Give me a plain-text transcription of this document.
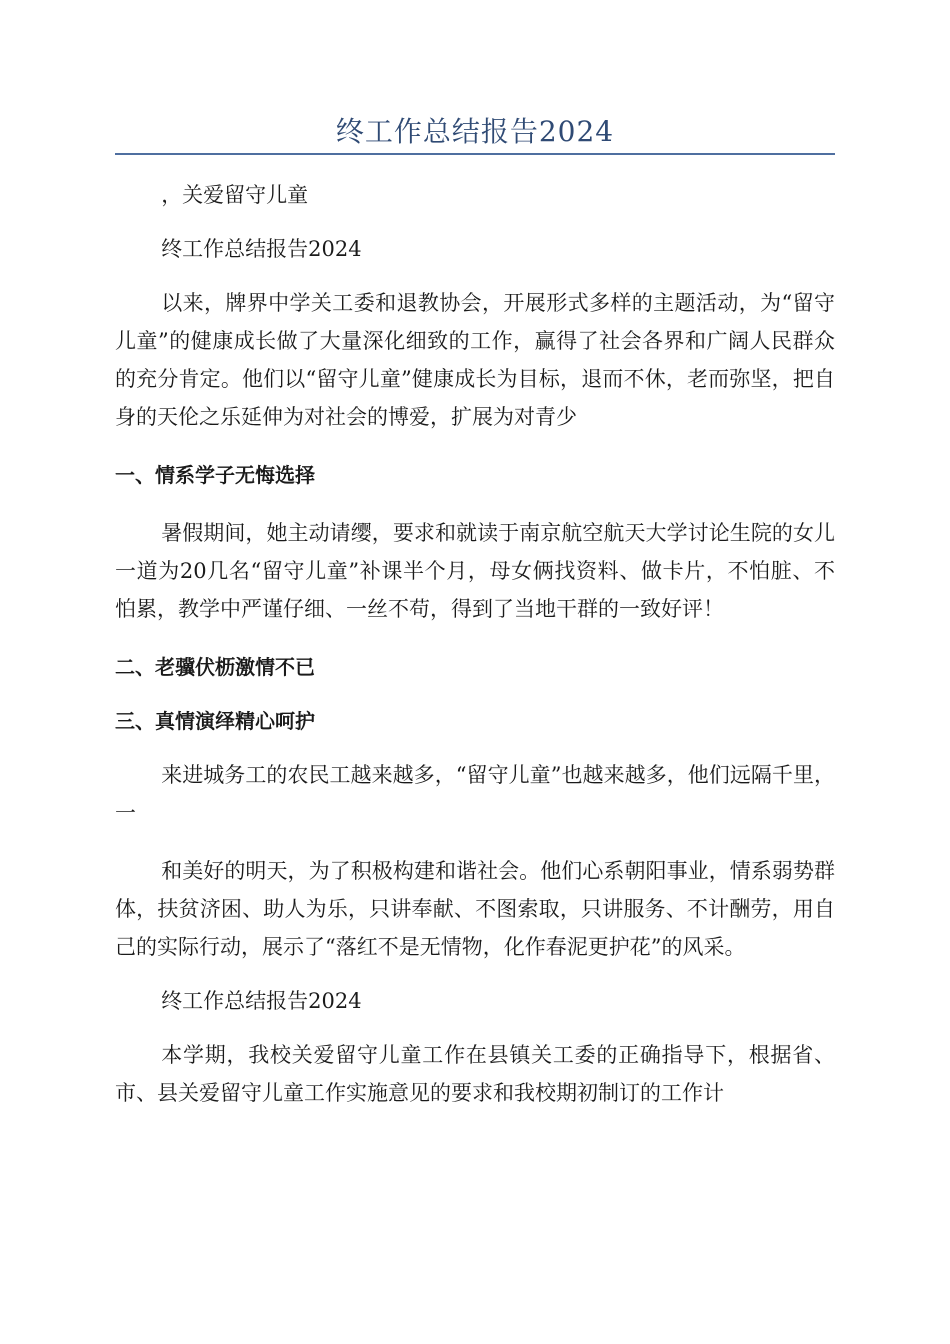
终工作总结报告2024

，关爱留守儿童

终工作总结报告2024

以来，牌界中学关工委和退教协会，开展形式多样的主题活动，为“留守儿童”的健康成长做了大量深化细致的工作，赢得了社会各界和广阔人民群众的充分肯定。他们以“留守儿童”健康成长为目标，退而不休，老而弥坚，把自身的天伦之乐延伸为对社会的博爱，扩展为对青少

一、情系学子无悔选择

暑假期间，她主动请缨，要求和就读于南京航空航天大学讨论生院的女儿一道为20几名“留守儿童”补课半个月，母女俩找资料、做卡片，不怕脏、不怕累，教学中严谨仔细、一丝不苟，得到了当地干群的一致好评！

二、老骥伏枥激情不已

三、真情演绎精心呵护

来进城务工的农民工越来越多，“留守儿童”也越来越多，他们远隔千里，一

和美好的明天，为了积极构建和谐社会。他们心系朝阳事业，情系弱势群体，扶贫济困、助人为乐，只讲奉献、不图索取，只讲服务、不计酬劳，用自己的实际行动，展示了“落红不是无情物，化作春泥更护花”的风采。

终工作总结报告2024

本学期，我校关爱留守儿童工作在县镇关工委的正确指导下，根据省、市、县关爱留守儿童工作实施意见的要求和我校期初制订的工作计
